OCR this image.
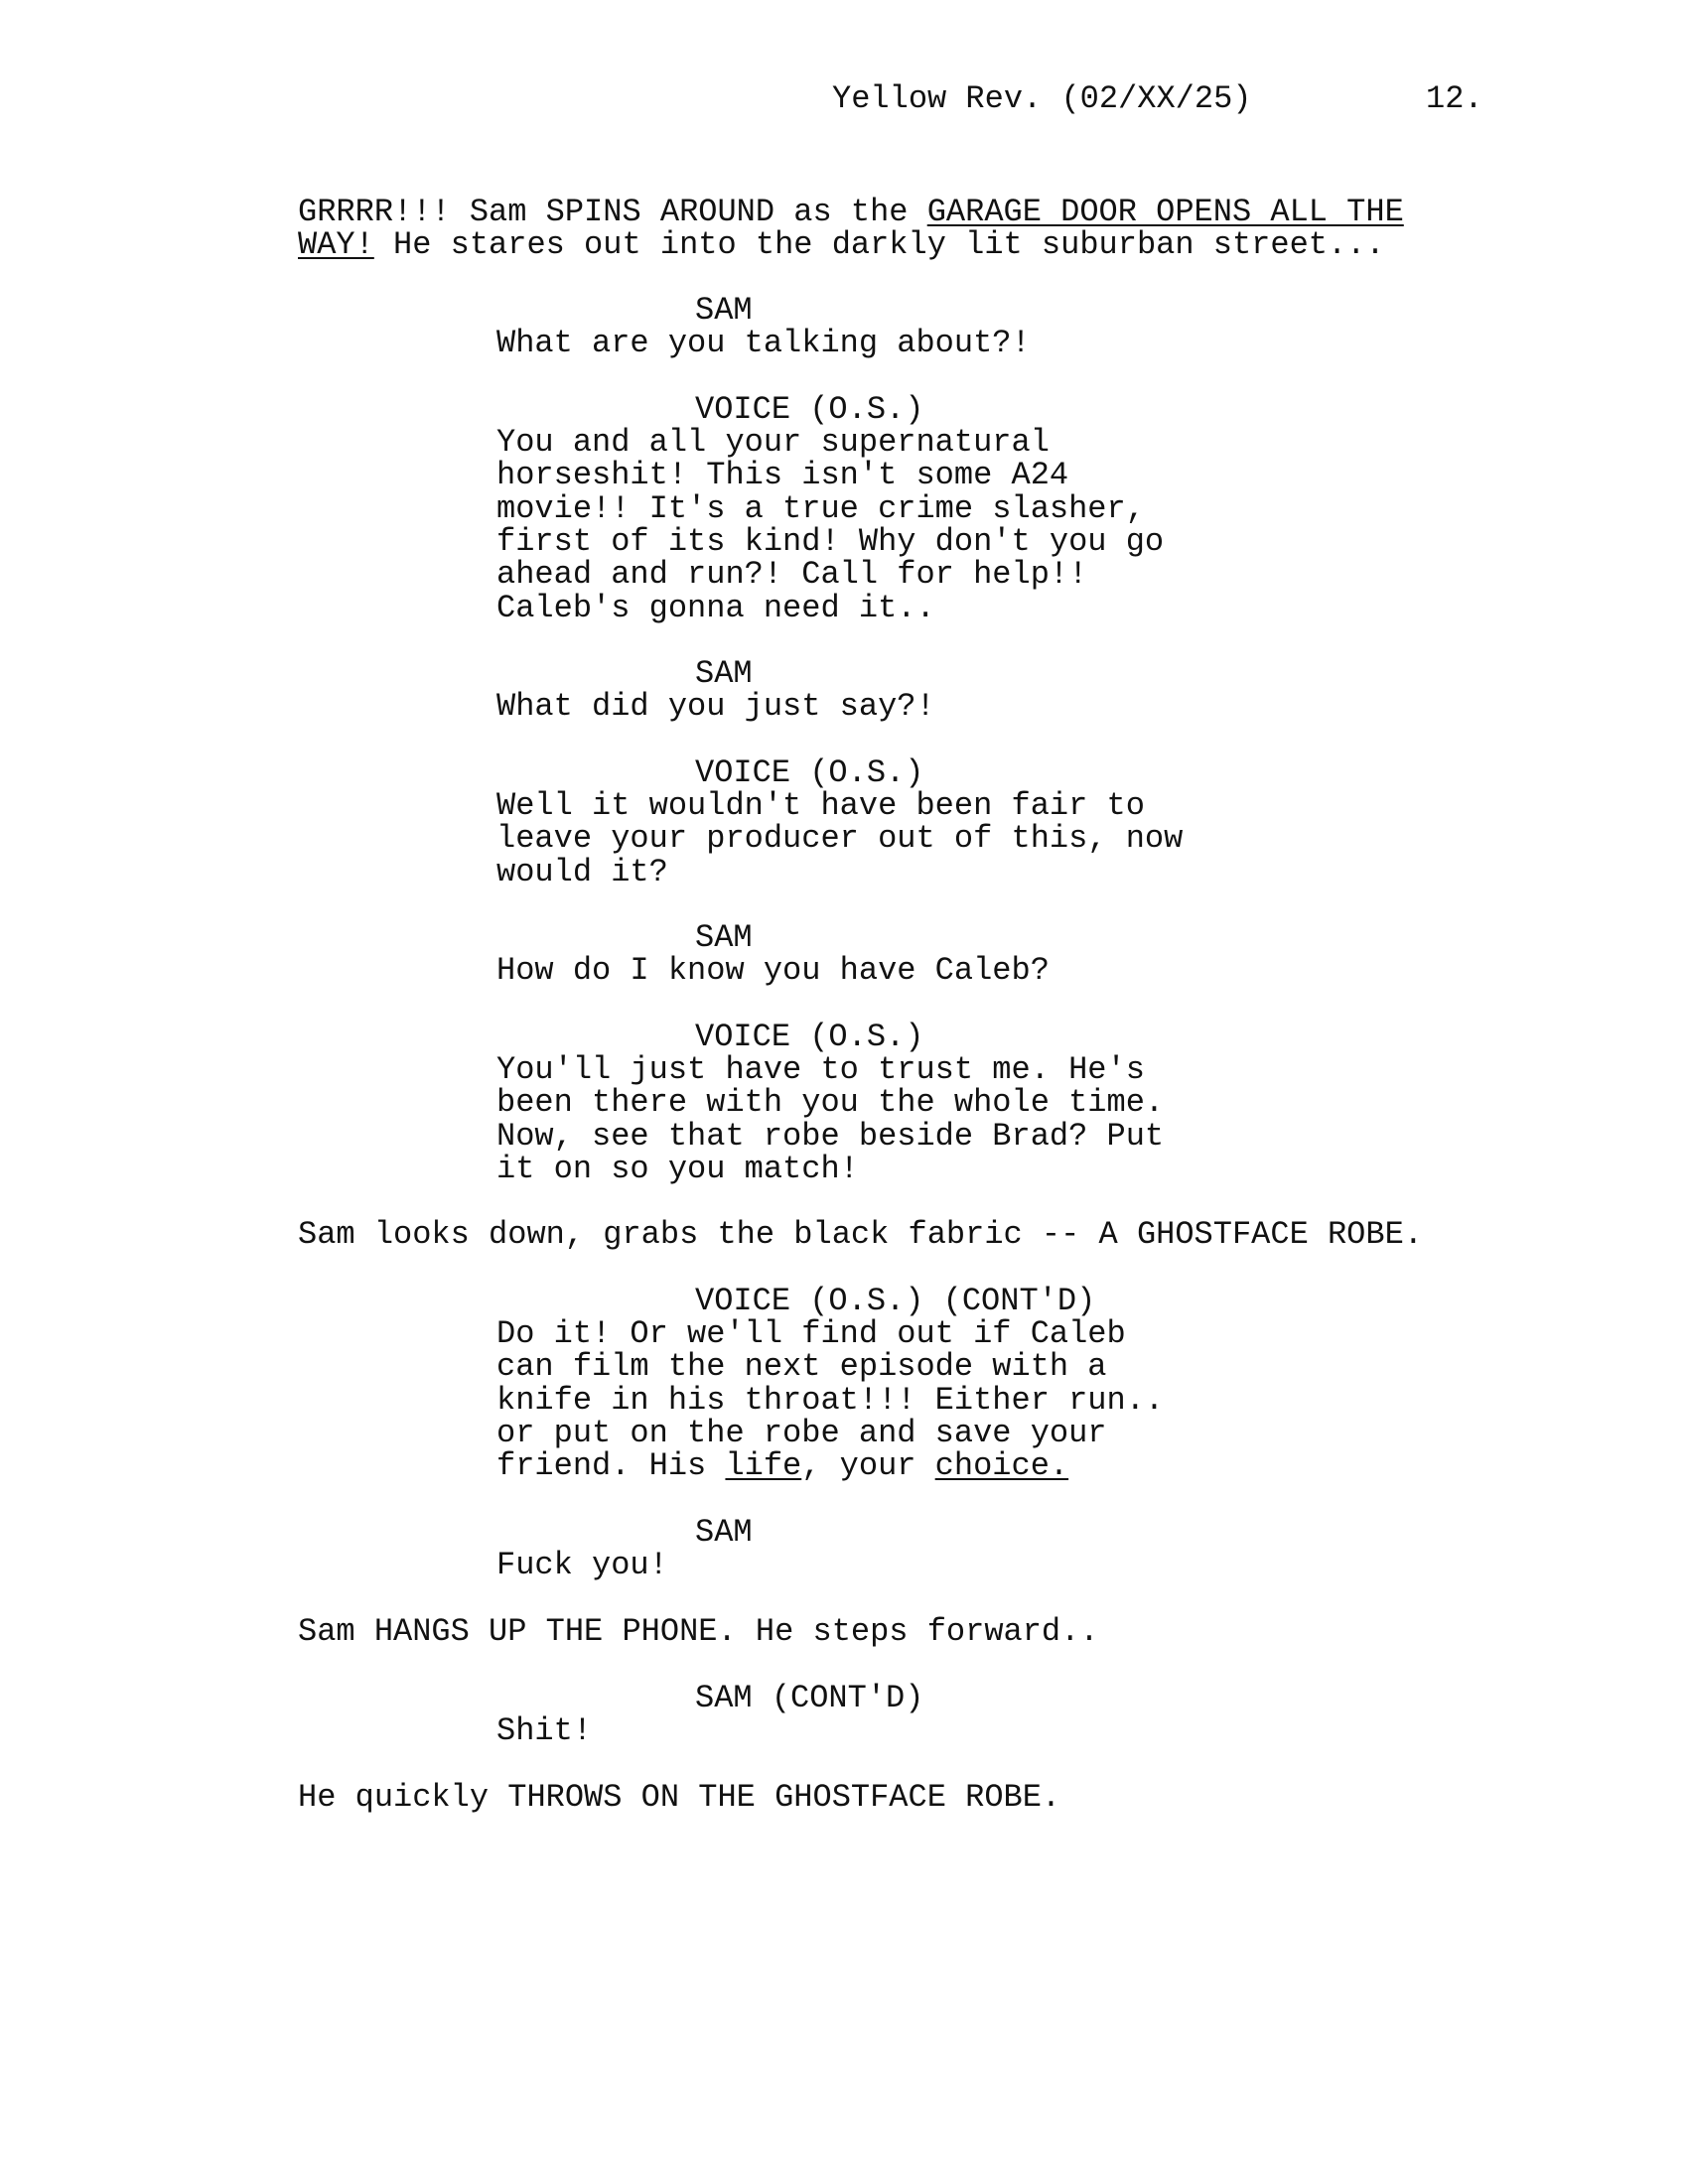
Yellow Rev. (02/XX/25)	12.
GRRRR!!! Sam SPINS AROUND as the GARAGE DOOR OPENS ALL THE
WAY! He stares out into the darkly lit suburban street...
SAM
What are you talking about?!
VOICE (O.S.)
You and all your supernatural
horseshit! This isn't some A24
movie!! It's a true crime slasher,
first of its kind! Why don't you go
ahead and run?! Call for help!!
Caleb's gonna need it..
SAM
What did you just say?!
VOICE (O.S.)
Well it wouldn't have been fair to
leave your producer out of this, now
would it?
SAM
How do I know you have Caleb?
VOICE (O.S.)
You'll just have to trust me. He's
been there with you the whole time.
Now, see that robe beside Brad? Put
it on so you match!
Sam looks down, grabs the black fabric -- A GHOSTFACE ROBE.
VOICE (O.S.) (CONT'D)
Do it! Or we'll find out if Caleb
can film the next episode with a
knife in his throat!!! Either run..
or put on the robe and save your
friend. His life, your choice.
SAM
Fuck you!
Sam HANGS UP THE PHONE. He steps forward..
SAM (CONT'D)
Shit!
He quickly THROWS ON THE GHOSTFACE ROBE.
